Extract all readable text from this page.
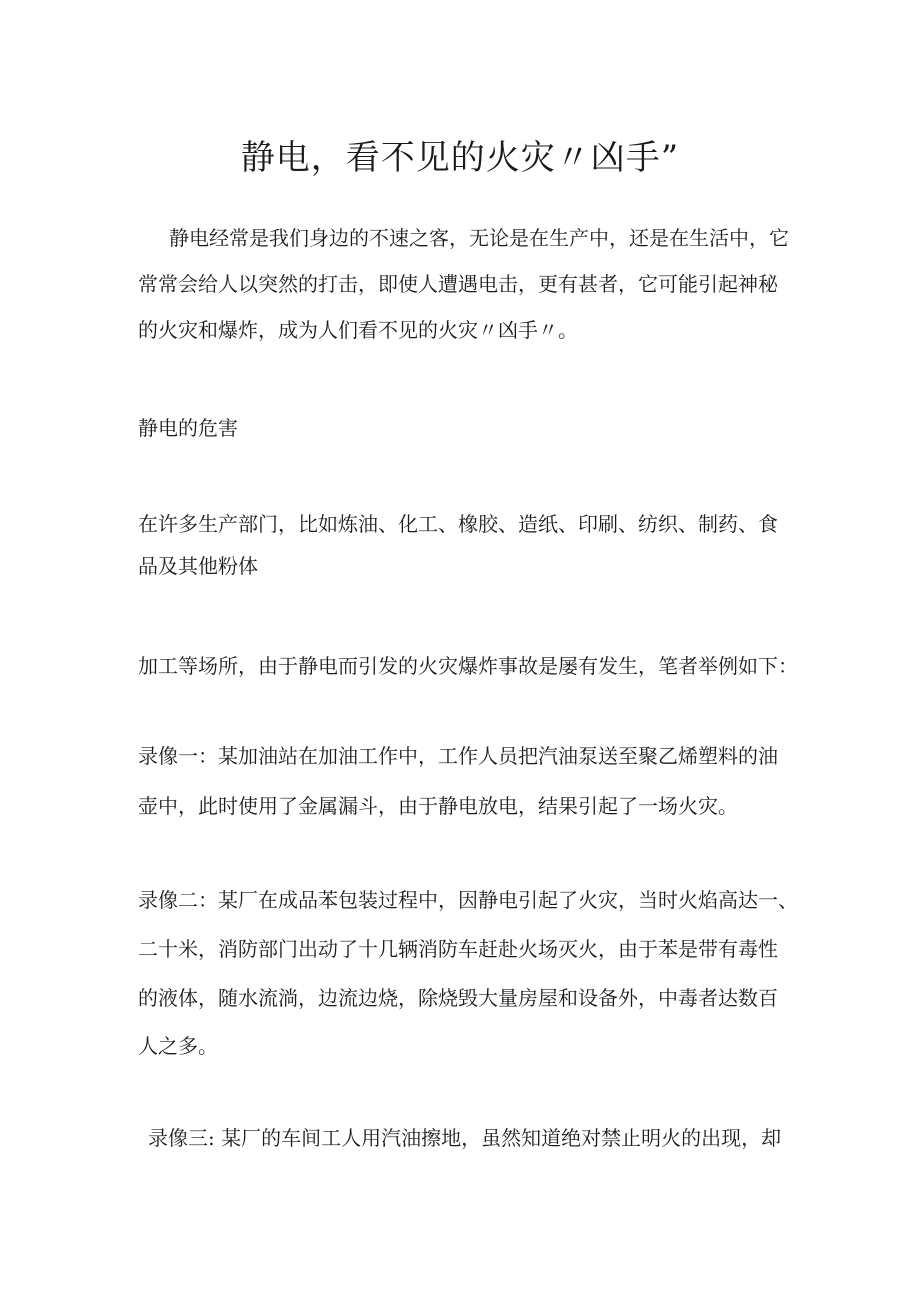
静电，看不见的火灾〃凶手”

静电经常是我们身边的不速之客，无论是在生产中，还是在生活中，它

常常会给人以突然的打击，即使人遭遇电击，更有甚者，它可能引起神秘

的火灾和爆炸，成为人们看不见的火灾〃凶手〃。

静电的危害

在许多生产部门，比如炼油、化工、橡胶、造纸、印刷、纺织、制药、食

品及其他粉体

加工等场所，由于静电而引发的火灾爆炸事故是屡有发生，笔者举例如下：

录像一：某加油站在加油工作中，工作人员把汽油泵送至聚乙烯塑料的油

壶中，此时使用了金属漏斗，由于静电放电，结果引起了一场火灾。

录像二：某厂在成品苯包装过程中，因静电引起了火灾，当时火焰高达一、

二十米，消防部门出动了十几辆消防车赶赴火场灭火，由于苯是带有毒性

的液体，随水流淌，边流边烧，除烧毁大量房屋和设备外，中毒者达数百

人之多。

录像三: 某厂的车间工人用汽油擦地，虽然知道绝对禁止明火的出现，却
